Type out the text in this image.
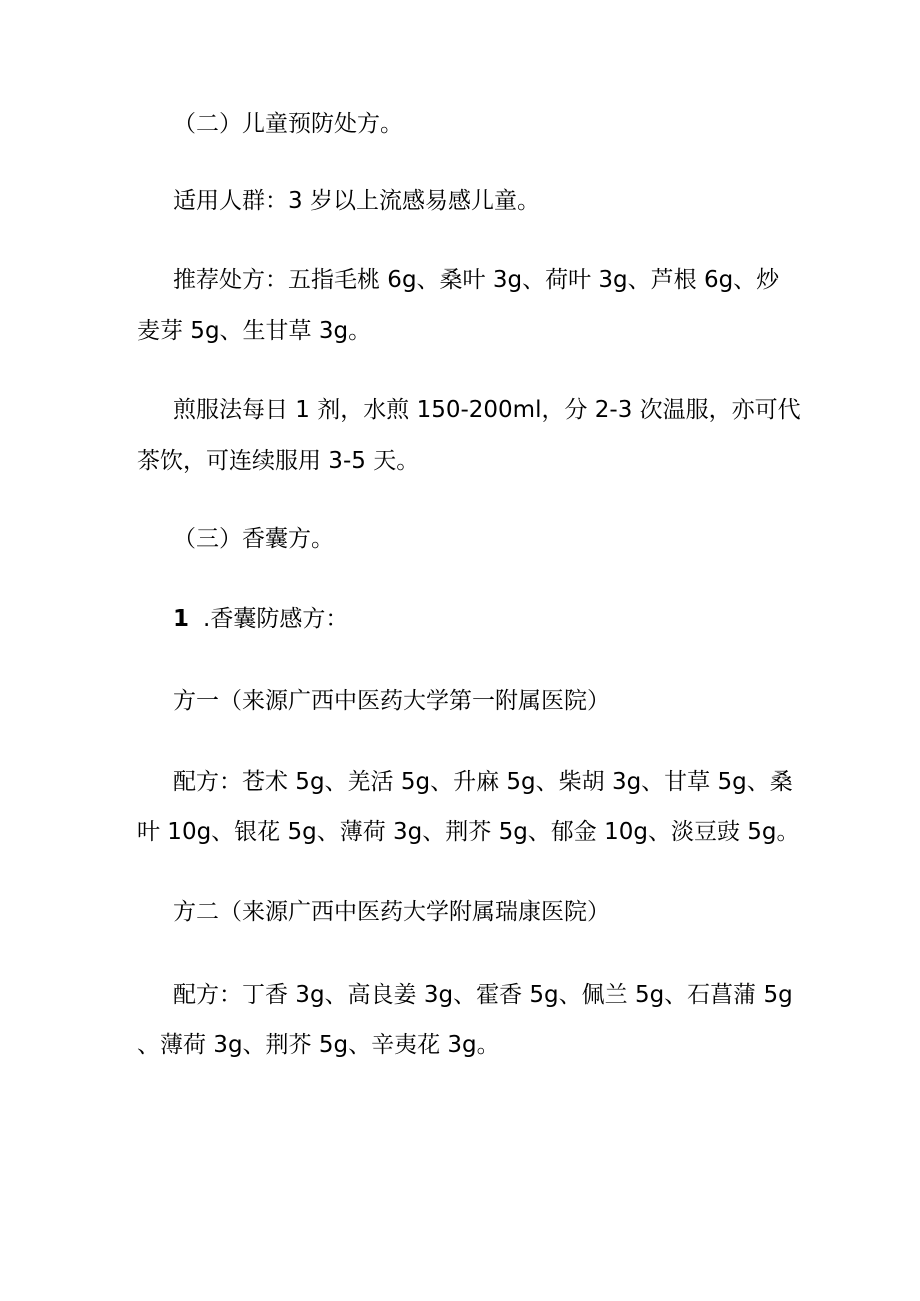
（二）儿童预防处方。

适用人群：3 岁以上流感易感儿童。

推荐处方：五指毛桃 6g、桑叶 3g、荷叶 3g、芦根 6g、炒

麦芽 5g、生甘草 3g。

煎服法每日 1 剂，水煎 150-200ml，分 2-3 次温服，亦可代

茶饮，可连续服用 3-5 天。

（三）香囊方。

1 .香囊防感方：

方一（来源广西中医药大学第一附属医院）

配方：苍术 5g、羌活 5g、升麻 5g、柴胡 3g、甘草 5g、桑

叶 10g、银花 5g、薄荷 3g、荆芥 5g、郁金 10g、淡豆豉 5g。

方二（来源广西中医药大学附属瑞康医院）

配方：丁香 3g、高良姜 3g、霍香 5g、佩兰 5g、石菖蒲 5g

、薄荷 3g、荆芥 5g、辛夷花 3g。
